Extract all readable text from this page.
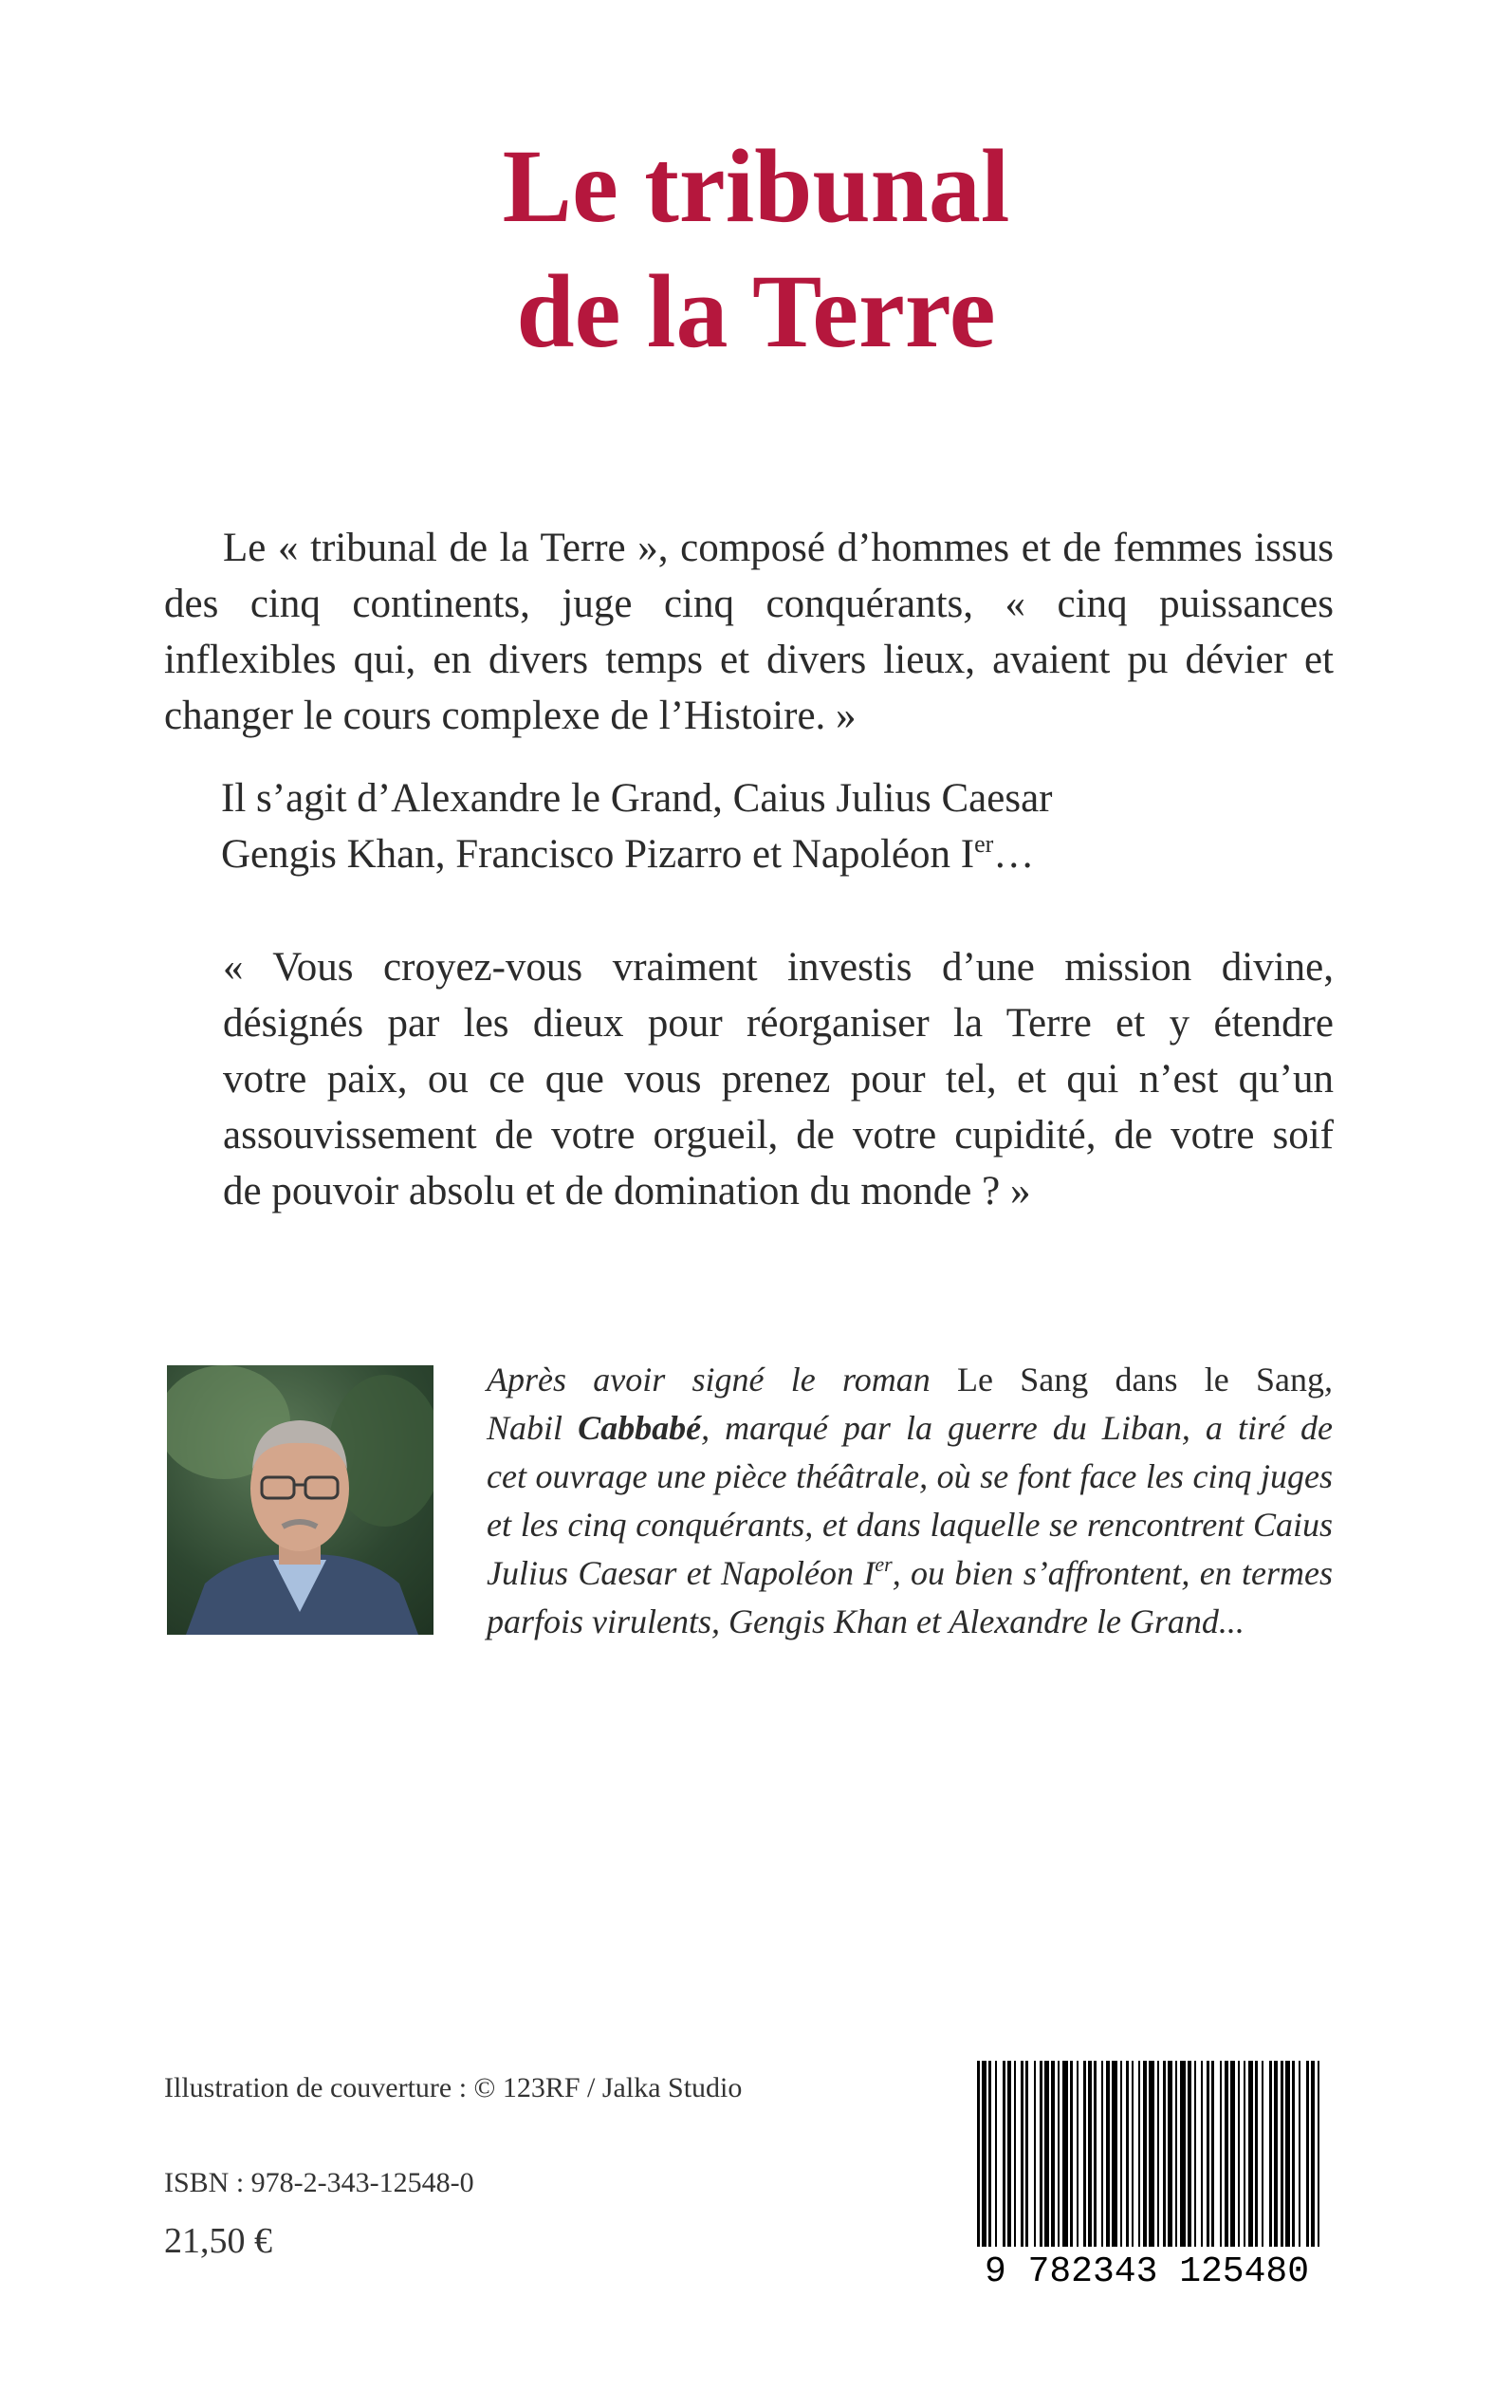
Le tribunal
de la Terre

Le « tribunal de la Terre », composé d’hommes et de femmes issus des cinq continents, juge cinq conquérants, « cinq puissances inflexibles qui, en divers temps et divers lieux, avaient pu dévier et changer le cours complexe de l’Histoire. »

Il s’agit d’Alexandre le Grand, Caius Julius Caesar
Gengis Khan, Francisco Pizarro et Napoléon Ier…

« Vous croyez-vous vraiment investis d’une mission divine,
désignés par les dieux pour réorganiser la Terre et y étendre
votre paix, ou ce que vous prenez pour tel, et qui n’est qu’un
assouvissement de votre orgueil, de votre cupidité, de votre soif
de pouvoir absolu et de domination du monde ? »

Après avoir signé le roman Le Sang dans le Sang,
Nabil Cabbabé, marqué par la guerre du Liban, a tiré de
cet ouvrage une pièce théâtrale, où se font face les cinq juges
et les cinq conquérants, et dans laquelle se rencontrent Caius
Julius Caesar et Napoléon Ier, ou bien s’affrontent, en termes
parfois virulents, Gengis Khan et Alexandre le Grand...

Illustration de couverture : © 123RF / Jalka Studio

ISBN : 978-2-343-12548-0

21,50 €

9 782343 125480
